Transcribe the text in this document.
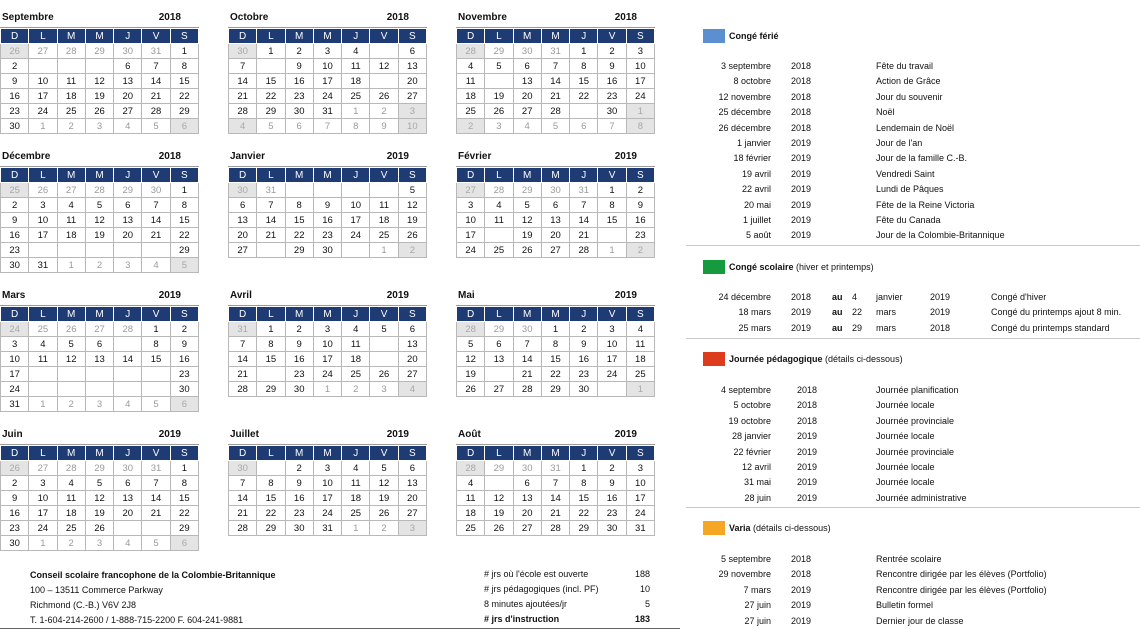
Septembre	2018
D	L	M	M	J	V	S
26	27	28	29	30	31	1
2	3	4	5	6	7	8
9	10	11	12	13	14	15
16	17	18	19	20	21	22
23	24	25	26	27	28	29
30	1	2	3	4	5	6
Octobre	2018
D	L	M	M	J	V	S
30	1	2	3	4	5	6
7	8	9	10	11	12	13
14	15	16	17	18	19	20
21	22	23	24	25	26	27
28	29	30	31	1	2	3
4	5	6	7	8	9	10
Novembre	2018
D	L	M	M	J	V	S
28	29	30	31	1	2	3
4	5	6	7	8	9	10
11	12	13	14	15	16	17
18	19	20	21	22	23	24
25	26	27	28	29	30	1
2	3	4	5	6	7	8
Décembre	2018
D	L	M	M	J	V	S
25	26	27	28	29	30	1
2	3	4	5	6	7	8
9	10	11	12	13	14	15
16	17	18	19	20	21	22
23	24	25	26	27	28	29
30	31	1	2	3	4	5
Janvier	2019
D	L	M	M	J	V	S
30	31	1	2	3	4	5
6	7	8	9	10	11	12
13	14	15	16	17	18	19
20	21	22	23	24	25	26
27	28	29	30	31	1	2
Février	2019
D	L	M	M	J	V	S
27	28	29	30	31	1	2
3	4	5	6	7	8	9
10	11	12	13	14	15	16
17	18	19	20	21	22	23
24	25	26	27	28	1	2
Mars	2019
D	L	M	M	J	V	S
24	25	26	27	28	1	2
3	4	5	6	7	8	9
10	11	12	13	14	15	16
17	18	19	20	21	22	23
24	25	26	27	28	29	30
31	1	2	3	4	5	6
Avril	2019
D	L	M	M	J	V	S
31	1	2	3	4	5	6
7	8	9	10	11	12	13
14	15	16	17	18	19	20
21	22	23	24	25	26	27
28	29	30	1	2	3	4
Mai	2019
D	L	M	M	J	V	S
28	29	30	1	2	3	4
5	6	7	8	9	10	11
12	13	14	15	16	17	18
19	20	21	22	23	24	25
26	27	28	29	30	31	1
Juin	2019
D	L	M	M	J	V	S
26	27	28	29	30	31	1
2	3	4	5	6	7	8
9	10	11	12	13	14	15
16	17	18	19	20	21	22
23	24	25	26	27	28	29
30	1	2	3	4	5	6
Juillet	2019
D	L	M	M	J	V	S
30	1	2	3	4	5	6
7	8	9	10	11	12	13
14	15	16	17	18	19	20
21	22	23	24	25	26	27
28	29	30	31	1	2	3
Août	2019
D	L	M	M	J	V	S
28	29	30	31	1	2	3
4	5	6	7	8	9	10
11	12	13	14	15	16	17
18	19	20	21	22	23	24
25	26	27	28	29	30	31
Congé férié
3 septembre 2018	Fête du travail
8 octobre 2018	Action de Grâce
12 novembre 2018	Jour du souvenir
25 décembre 2018	Noël
26 décembre 2018	Lendemain de Noël
1 janvier 2019	Jour de l'an
18 février 2019	Jour de la famille C.-B.
19 avril 2019	Vendredi Saint
22 avril 2019	Lundi de Pâques
20 mai 2019	Fête de la Reine Victoria
1 juillet 2019	Fête du Canada
5 août 2019	Jour de la Colombie-Britannique
Congé scolaire (hiver et printemps)
24 décembre 2018 au 4 janvier	2019	Congé d'hiver
18 mars 2019 au 22 mars	2019	Congé du printemps ajout 8 min.
25 mars 2019 au 29 mars	2018	Congé du printemps standard
Journée pédagogique (détails ci-dessous)
4 septembre	2018	Journée planification
5 octobre	2018	Journée locale
19 octobre	2018	Journée provinciale
28 janvier	2019	Journée locale
22 février	2019	Journée provinciale
12 avril	2019	Journée locale
31 mai	2019	Journée locale
28 juin	2019	Journée administrative
Varia (détails ci-dessous)
5 septembre 2018	Rentrée scolaire
29 novembre 2018	Rencontre dirigée par les élèves (Portfolio)
7 mars 2019	Rencontre dirigée par les élèves (Portfolio)
27 juin 2019	Bulletin formel
27 juin 2019	Dernier jour de classe
Conseil scolaire francophone de la Colombie-Britannique
100 – 13511 Commerce Parkway
Richmond (C.-B.) V6V 2J8
T. 1-604-214-2600 / 1-888-715-2200 F. 604-241-9881
# jrs où l'école est ouverte	188
# jrs pédagogiques (incl. PF)	10
8 minutes ajoutées/jr	5
# jrs d'instruction	183
